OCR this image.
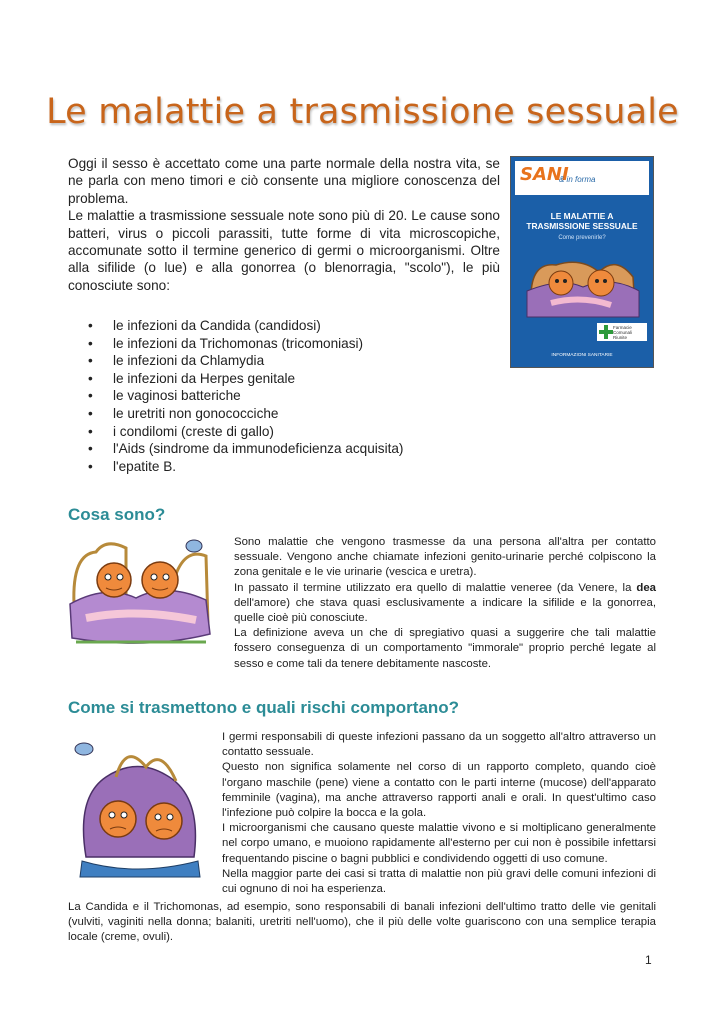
Le malattie a trasmissione sessuale

Oggi il sesso è accettato come una parte normale della nostra vita, se ne parla con meno timori e ciò consente una migliore conoscenza del problema.

Le malattie a trasmissione sessuale note sono più di 20. Le cause sono batteri, virus o piccoli parassiti, tutte forme di vita microscopiche, accomunate sotto il termine generico di germi o microorganismi. Oltre alla sifilide (o lue) e alla gonorrea (o blenorragia, "scolo"), le più conosciute sono:

SANI
& in forma
LE MALATTIE A
TRASMISSIONE SESSUALE
Come prevenirle?
Farmacie Comunali Riunite
INFORMAZIONI SANITARIE
• le infezioni da Candida (candidosi)
• le infezioni da Trichomonas (tricomoniasi)
• le infezioni da Chlamydia
• le infezioni da Herpes genitale
• le vaginosi batteriche
• le uretriti non gonococciche
• i condilomi (creste di gallo)
• l'Aids (sindrome da immunodeficienza acquisita)
• l'epatite B.
Cosa sono?

Sono malattie che vengono trasmesse da una persona all'altra per contatto sessuale. Vengono anche chiamate infezioni genito-urinarie perché colpiscono la zona genitale e le vie urinarie (vescica e uretra).

In passato il termine utilizzato era quello di malattie veneree (da Venere, la dea dell'amore) che stava quasi esclusivamente a indicare la sifilide e la gonorrea, quelle cioè più conosciute.

La definizione aveva un che di spregiativo quasi a suggerire che tali malattie fossero conseguenza di un comportamento "immorale" proprio perché legate al sesso e come tali da tenere debitamente nascoste.

Come si trasmettono e quali rischi comportano?

I germi responsabili di queste infezioni passano da un soggetto all'altro attraverso un contatto sessuale.

Questo non significa solamente nel corso di un rapporto completo, quando cioè l'organo maschile (pene) viene a contatto con le parti interne (mucose) dell'apparato femminile (vagina), ma anche attraverso rapporti anali e orali. In quest'ultimo caso l'infezione può colpire la bocca e la gola.

I microorganismi che causano queste malattie vivono e si moltiplicano generalmente nel corpo umano, e muoiono rapidamente all'esterno per cui non è possibile infettarsi frequentando piscine o bagni pubblici e condividendo oggetti di uso comune.

Nella maggior parte dei casi si tratta di malattie non più gravi delle comuni infezioni di cui ognuno di noi ha esperienza.

La Candida e il Trichomonas, ad esempio, sono responsabili di banali infezioni dell'ultimo tratto delle vie genitali (vulviti, vaginiti nella donna; balaniti, uretriti nell'uomo), che il più delle volte guariscono con una semplice terapia locale (creme, ovuli).

1
